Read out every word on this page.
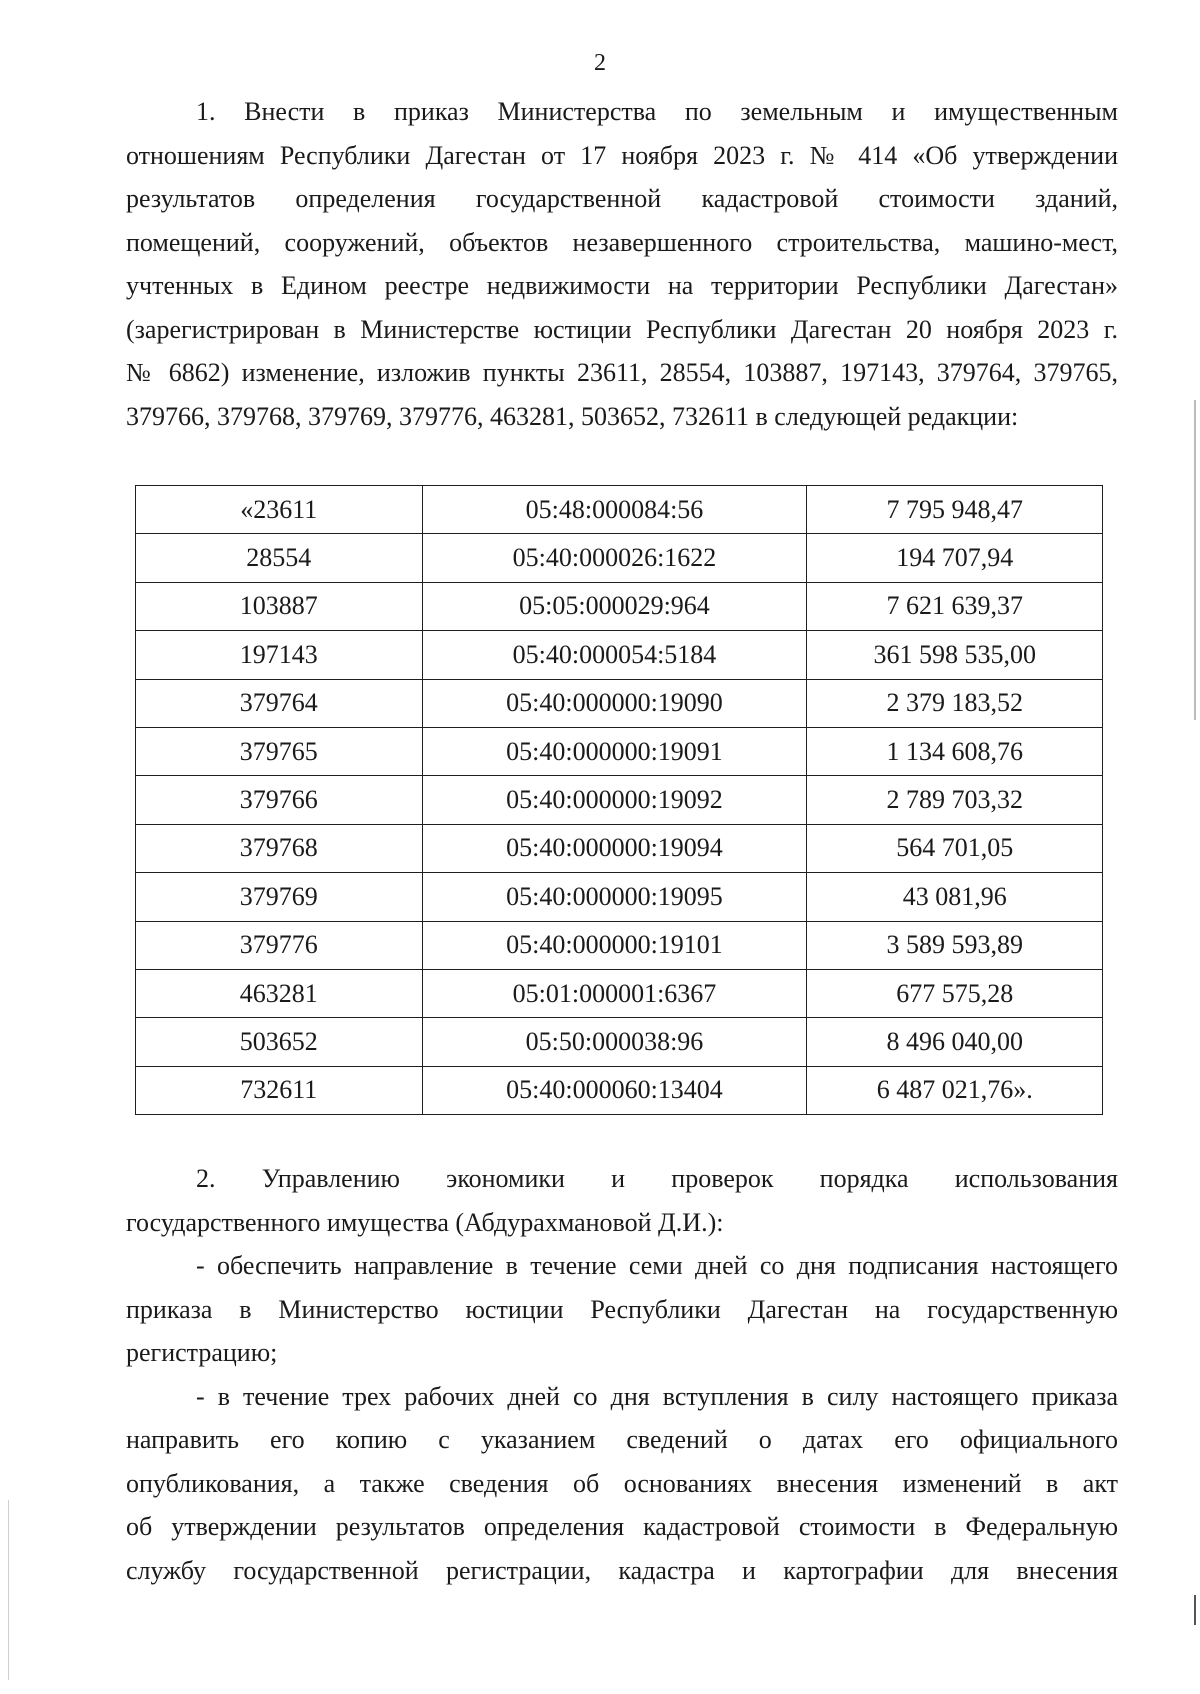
2
1. Внести в приказ Министерства по земельным и имущественным
отношениям Республики Дагестан от 17 ноября 2023 г. № 414 «Об утверждении
результатов определения государственной кадастровой стоимости зданий,
помещений, сооружений, объектов незавершенного строительства, машино-мест,
учтенных в Едином реестре недвижимости на территории Республики Дагестан»
(зарегистрирован в Министерстве юстиции Республики Дагестан 20 ноября 2023 г.
№ 6862) изменение, изложив пункты 23611, 28554, 103887, 197143, 379764, 379765,
379766, 379768, 379769, 379776, 463281, 503652, 732611 в следующей редакции:
«23611	05:48:000084:56	7 795 948,47
28554	05:40:000026:1622	194 707,94
103887	05:05:000029:964	7 621 639,37
197143	05:40:000054:5184	361 598 535,00
379764	05:40:000000:19090	2 379 183,52
379765	05:40:000000:19091	1 134 608,76
379766	05:40:000000:19092	2 789 703,32
379768	05:40:000000:19094	564 701,05
379769	05:40:000000:19095	43 081,96
379776	05:40:000000:19101	3 589 593,89
463281	05:01:000001:6367	677 575,28
503652	05:50:000038:96	8 496 040,00
732611	05:40:000060:13404	6 487 021,76».
2. Управлению экономики и проверок порядка использования
государственного имущества (Абдурахмановой Д.И.):
- обеспечить направление в течение семи дней со дня подписания настоящего
приказа в Министерство юстиции Республики Дагестан на государственную
регистрацию;
- в течение трех рабочих дней со дня вступления в силу настоящего приказа
направить его копию с указанием сведений о датах его официального
опубликования, а также сведения об основаниях внесения изменений в акт
об утверждении результатов определения кадастровой стоимости в Федеральную
службу государственной регистрации, кадастра и картографии для внесения
